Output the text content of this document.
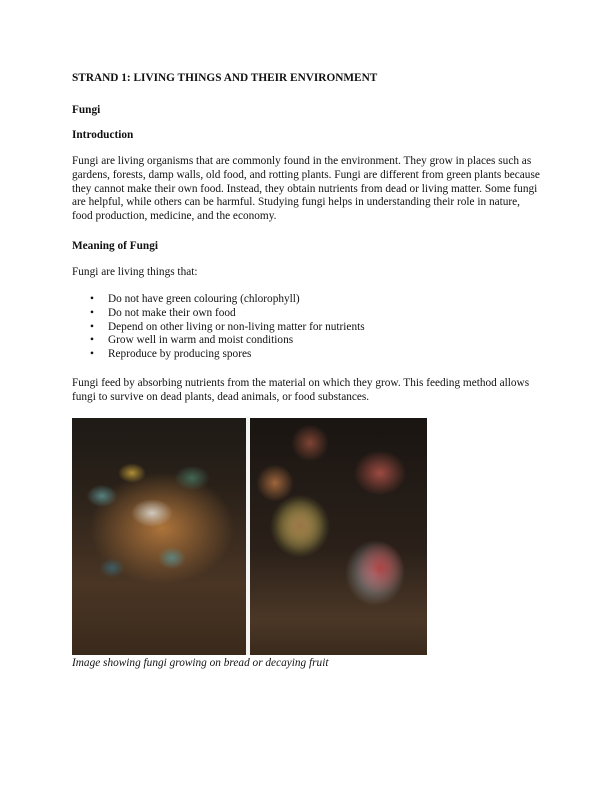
STRAND 1: LIVING THINGS AND THEIR ENVIRONMENT
Fungi
Introduction
Fungi are living organisms that are commonly found in the environment. They grow in places such as gardens, forests, damp walls, old food, and rotting plants. Fungi are different from green plants because they cannot make their own food. Instead, they obtain nutrients from dead or living matter. Some fungi are helpful, while others can be harmful. Studying fungi helps in understanding their role in nature, food production, medicine, and the economy.
Meaning of Fungi
Fungi are living things that:
• Do not have green colouring (chlorophyll)
• Do not make their own food
• Depend on other living or non-living matter for nutrients
• Grow well in warm and moist conditions
• Reproduce by producing spores
Fungi feed by absorbing nutrients from the material on which they grow. This feeding method allows fungi to survive on dead plants, dead animals, or food substances.
Image showing fungi growing on bread or decaying fruit
